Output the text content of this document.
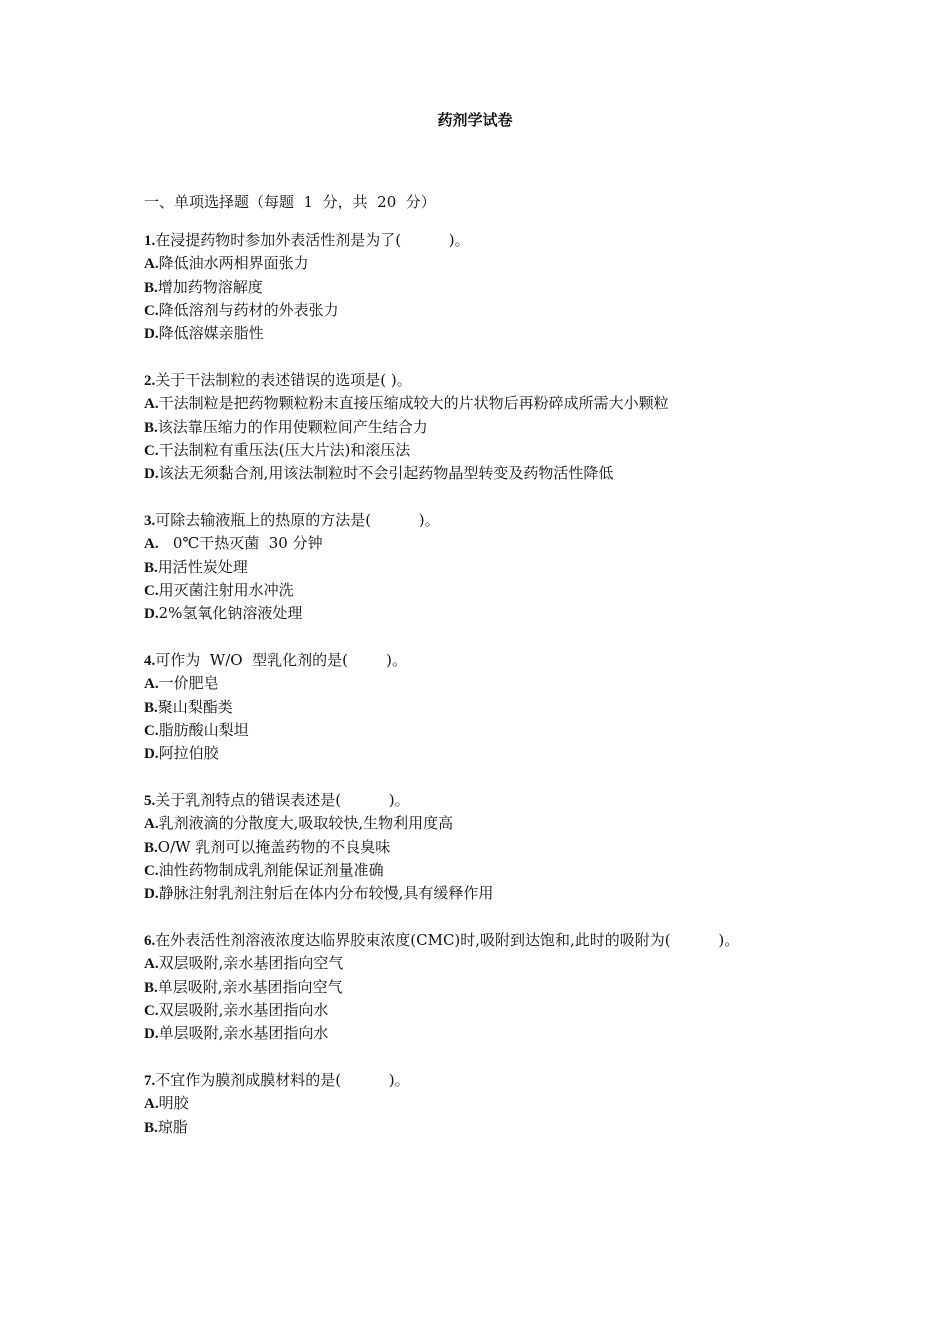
药剂学试卷
一、单项选择题（每题  1  分，共  20  分）
1.在浸提药物时参加外表活性剂是为了(          )。
A.降低油水两相界面张力
B.增加药物溶解度
C.降低溶剂与药材的外表张力
D.降低溶媒亲脂性
2.关于干法制粒的表述错误的选项是( )。
A.干法制粒是把药物颗粒粉末直接压缩成较大的片状物后再粉碎成所需大小颗粒
B.该法靠压缩力的作用使颗粒间产生结合力
C.干法制粒有重压法(压大片法)和滚压法
D.该法无须黏合剂,用该法制粒时不会引起药物晶型转变及药物活性降低
3.可除去输液瓶上的热原的方法是(          )。
A.   0℃干热灭菌  30 分钟
B.用活性炭处理
C.用灭菌注射用水冲洗
D.2%氢氧化钠溶液处理
4.可作为  W/O  型乳化剂的是(        )。
A.一价肥皂
B.聚山梨酯类
C.脂肪酸山梨坦
D.阿拉伯胶
5.关于乳剂特点的错误表述是(          )。
A.乳剂液滴的分散度大,吸取较快,生物利用度高
B.O/W 乳剂可以掩盖药物的不良臭味
C.油性药物制成乳剂能保证剂量准确
D.静脉注射乳剂注射后在体内分布较慢,具有缓释作用
6.在外表活性剂溶液浓度达临界胶束浓度(CMC)时,吸附到达饱和,此时的吸附为(          )。
A.双层吸附,亲水基团指向空气
B.单层吸附,亲水基团指向空气
C.双层吸附,亲水基团指向水
D.单层吸附,亲水基团指向水
7.不宜作为膜剂成膜材料的是(          )。
A.明胶
B.琼脂
